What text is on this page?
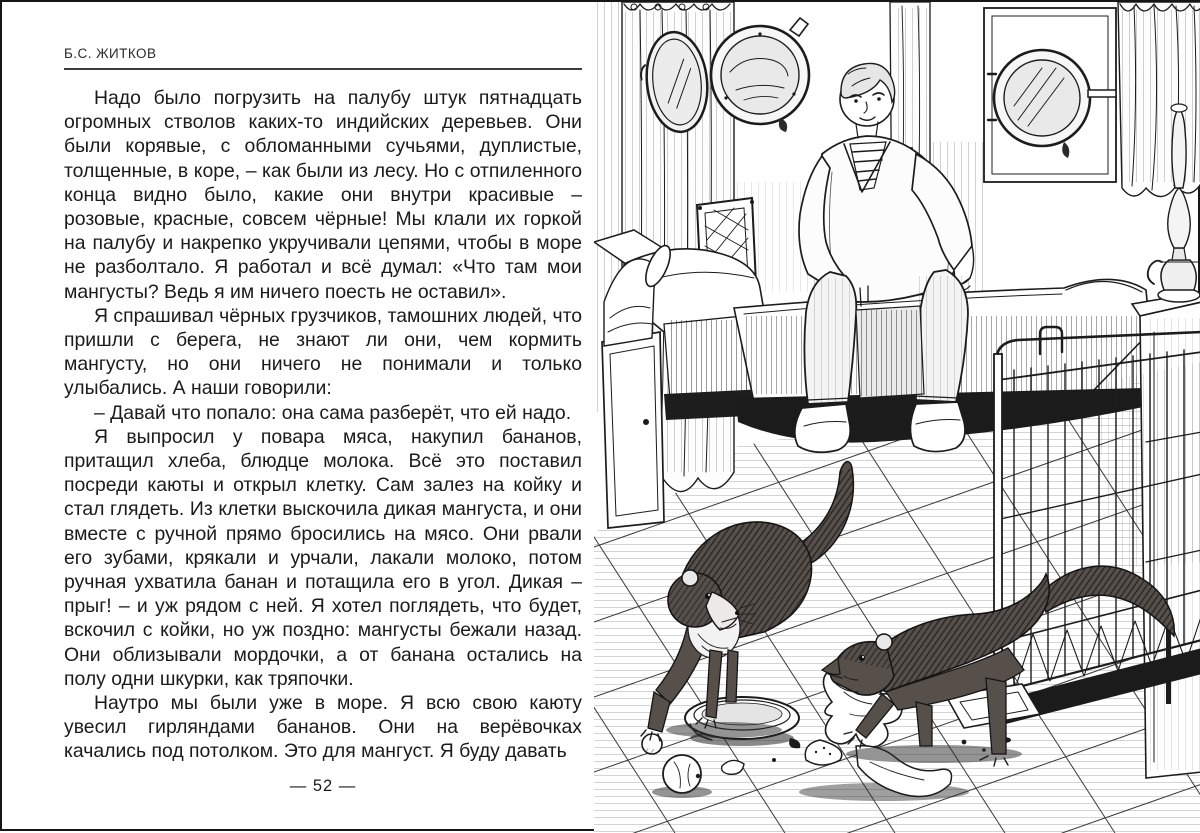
Б.С. ЖИТКОВ

Надо было погрузить на палубу штук пятнадцать огромных стволов каких-то индийских деревьев. Они были корявые, с обломанными сучьями, дуплистые, толщенные, в коре, – как были из лесу. Но с отпиленного конца видно было, какие они внутри красивые – розовые, красные, совсем чёрные! Мы клали их горкой на палубу и накрепко укручивали цепями, чтобы в море не разболтало. Я работал и всё думал: «Что там мои мангусты? Ведь я им ничего поесть не оставил».

Я спрашивал чёрных грузчиков, тамошних людей, что пришли с берега, не знают ли они, чем кормить мангусту, но они ничего не понимали и только улыбались. А наши говорили:

– Давай что попало: она сама разберёт, что ей надо.

Я выпросил у повара мяса, накупил бананов, притащил хлеба, блюдце молока. Всё это поставил посреди каюты и открыл клетку. Сам залез на койку и стал глядеть. Из клетки выскочила дикая мангуста, и они вместе с ручной прямо бросились на мясо. Они рвали его зубами, крякали и урчали, лакали молоко, потом ручная ухватила банан и потащила его в угол. Дикая – прыг! – и уж рядом с ней. Я хотел поглядеть, что будет, вскочил с койки, но уж поздно: мангусты бежали назад. Они облизывали мордочки, а от банана остались на полу одни шкурки, как тряпочки.

Наутро мы были уже в море. Я всю свою каюту увесил гирляндами бананов. Они на верёвочках качались под потолком. Это для мангуст. Я буду давать

— 52 —
